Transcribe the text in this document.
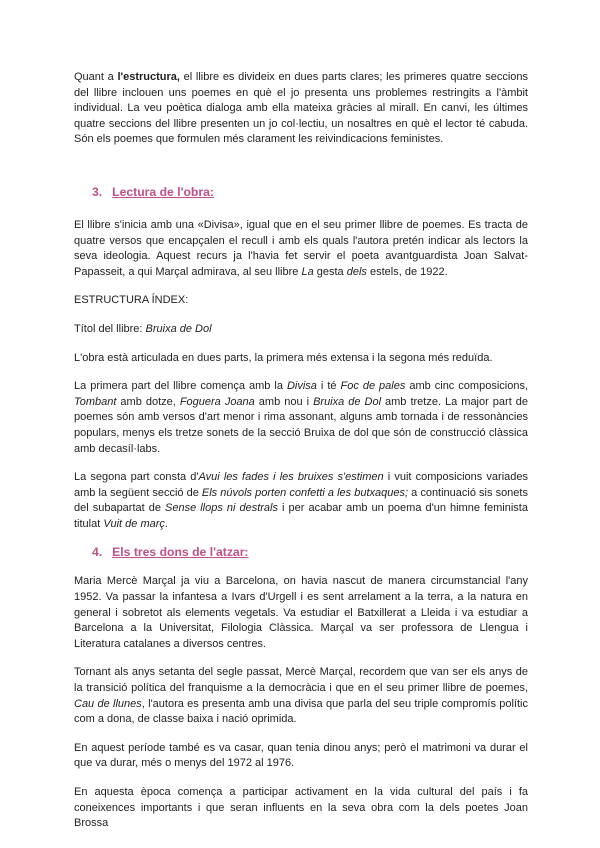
Quant a l'estructura, el llibre es divideix en dues parts clares; les primeres quatre seccions del llibre inclouen uns poemes en què el jo presenta uns problemes restringits a l'àmbit individual. La veu poètica dialoga amb ella mateixa gràcies al mirall. En canvi, les últimes quatre seccions del llibre presenten un jo col·lectiu, un nosaltres en què el lector té cabuda. Són els poemes que formulen més clarament les reivindicacions feministes.

3. Lectura de l'obra:

El llibre s'inicia amb una «Divisa», igual que en el seu primer llibre de poemes. Es tracta de quatre versos que encapçalen el recull i amb els quals l'autora pretén indicar als lectors la seva ideologia. Aquest recurs ja l'havia fet servir el poeta avantguardista Joan Salvat-Papasseit, a qui Marçal admirava, al seu llibre La gesta dels estels, de 1922.

ESTRUCTURA ÍNDEX:

Títol del llibre: Bruixa de Dol

L'obra està articulada en dues parts, la primera més extensa i la segona més reduïda.

La primera part del llibre comença amb la Divisa i té Foc de pales amb cinc composicions, Tombant amb dotze, Foguera Joana amb nou i Bruixa de Dol amb tretze. La major part de poemes són amb versos d'art menor i rima assonant, alguns amb tornada i de ressonàncies populars, menys els tretze sonets de la secció Bruixa de dol que són de construcció clàssica amb decasíl·labs.

La segona part consta d'Avui les fades i les bruixes s'estimen i vuit composicions variades amb la següent secció de Els núvols porten confetti a les butxaques; a continuació sis sonets del subapartat de Sense llops ni destrals i per acabar amb un poema d'un himne feminista titulat Vuit de març.

4. Els tres dons de l'atzar:

Maria Mercè Marçal ja viu a Barcelona, on havia nascut de manera circumstancial l'any 1952. Va passar la infantesa a Ivars d'Urgell i es sent arrelament a la terra, a la natura en general i sobretot als elements vegetals. Va estudiar el Batxillerat a Lleida i va estudiar a Barcelona a la Universitat, Filologia Clàssica. Marçal va ser professora de Llengua i Literatura catalanes a diversos centres.

Tornant als anys setanta del segle passat, Mercè Marçal, recordem que van ser els anys de la transició política del franquisme a la democràcia i que en el seu primer llibre de poemes, Cau de llunes, l'autora es presenta amb una divisa que parla del seu triple compromís polític com a dona, de classe baixa i nació oprimida.

En aquest període també es va casar, quan tenia dinou anys; però el matrimoni va durar el que va durar, més o menys del 1972 al 1976.

En aquesta època comença a participar activament en la vida cultural del país i fa coneixences importants i que seran influents en la seva obra com la dels poetes Joan Brossa
